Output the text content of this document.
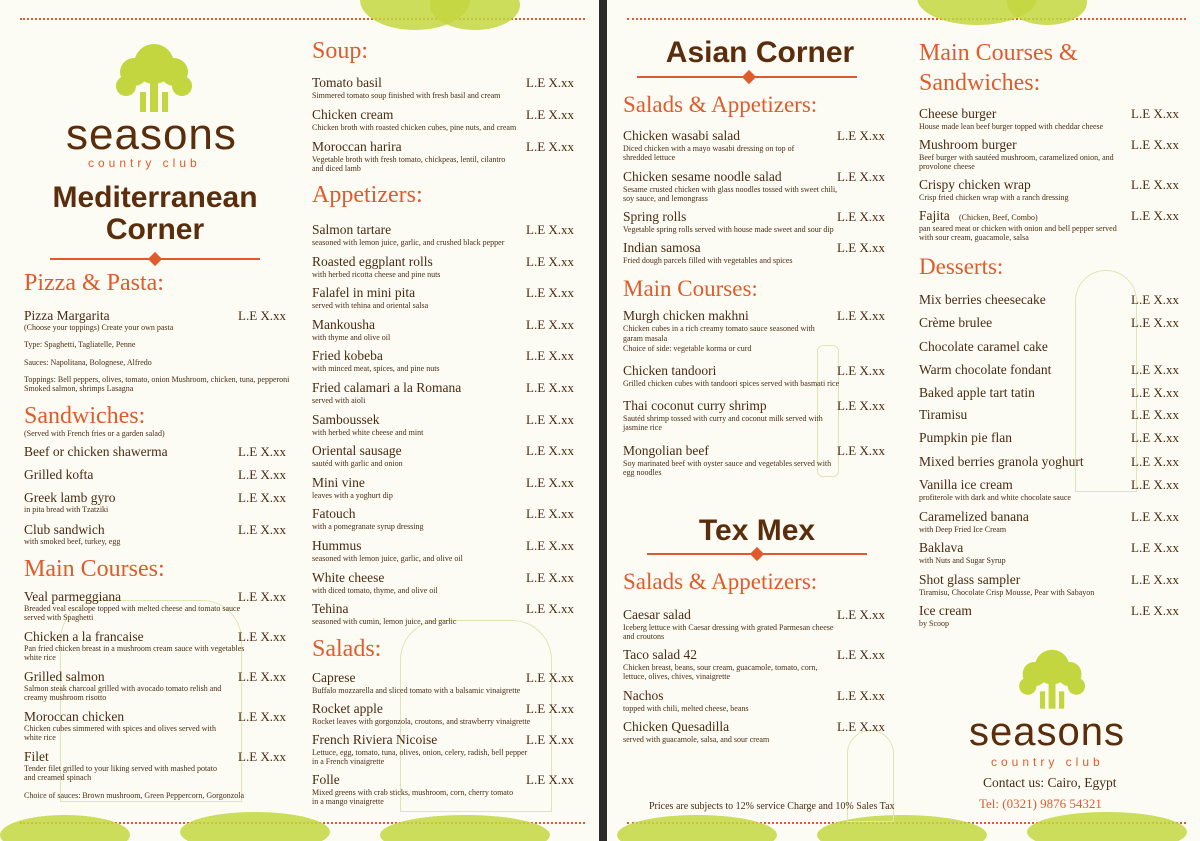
seasons
country club
Mediterranean
Corner
Pizza & Pasta:
Pizza Margarita	L.E X.xx
(Choose your toppings) Create your own pasta
Type: Spaghetti, Tagliatelle, Penne
Sauces: Napolitana, Bolognese, Alfredo
Toppings: Bell peppers, olives, tomato, onion Mushroom, chicken, tuna, pepperoni
Smoked salmon, shrimps Lasagna
Sandwiches:
(Served with French fries or a garden salad)
Beef or chicken shawerma	L.E X.xx
Grilled kofta	L.E X.xx
Greek lamb gyro	L.E X.xx
in pita bread with Tzatziki
Club sandwich	L.E X.xx
with smoked beef, turkey, egg
Main Courses:
Veal parmeggiana	L.E X.xx
Breaded veal escalope topped with melted cheese and tomato sauce
served with Spaghetti
Chicken a la francaise	L.E X.xx
Pan fried chicken breast in a mushroom cream sauce with vegetables
white rice
Grilled salmon	L.E X.xx
Salmon steak charcoal grilled with avocado tomato relish and
creamy mushroom risotto
Moroccan chicken	L.E X.xx
Chicken cubes simmered with spices and olives served with
white rice
Filet	L.E X.xx
Tender filet grilled to your liking served with mashed potato
and creamed spinach
Choice of sauces: Brown mushroom, Green Peppercorn, Gorgonzola
Soup:
Tomato basil	L.E X.xx
Simmered tomato soup finished with fresh basil and cream
Chicken cream	L.E X.xx
Chicken broth with roasted chicken cubes, pine nuts, and cream
Moroccan harira	L.E X.xx
Vegetable broth with fresh tomato, chickpeas, lentil, cilantro
and diced lamb
Appetizers:
Salmon tartare	L.E X.xx
seasoned with lemon juice, garlic, and crushed black pepper
Roasted eggplant rolls	L.E X.xx
with herbed ricotta cheese and pine nuts
Falafel in mini pita	L.E X.xx
served with tehina and oriental salsa
Mankousha	L.E X.xx
with thyme and olive oil
Fried kobeba	L.E X.xx
with minced meat, spices, and pine nuts
Fried calamari a la Romana	L.E X.xx
served with aioli
Samboussek	L.E X.xx
with herbed white cheese and mint
Oriental sausage	L.E X.xx
sautéd with garlic and onion
Mini vine	L.E X.xx
leaves with a yoghurt dip
Fatouch	L.E X.xx
with a pomegranate syrup dressing
Hummus	L.E X.xx
seasoned with lemon juice, garlic, and olive oil
White cheese	L.E X.xx
with diced tomato, thyme, and olive oil
Tehina	L.E X.xx
seasoned with cumin, lemon juice, and garlic
Salads:
Caprese	L.E X.xx
Buffalo mozzarella and sliced tomato with a balsamic vinaigrette
Rocket apple	L.E X.xx
Rocket leaves with gorgonzola, croutons, and strawberry vinaigrette
French Riviera Nicoise	L.E X.xx
Lettuce, egg, tomato, tuna, olives, onion, celery, radish, bell pepper
in a French vinaigrette
Folle	L.E X.xx
Mixed greens with crab sticks, mushroom, corn, cherry tomato
in a mango vinaigrette
Asian Corner
Salads & Appetizers:
Chicken wasabi salad	L.E X.xx
Diced chicken with a mayo wasabi dressing on top of
shredded lettuce
Chicken sesame noodle salad	L.E X.xx
Sesame crusted chicken with glass noodles tossed with sweet chili,
soy sauce, and lemongrass
Spring rolls	L.E X.xx
Vegetable spring rolls served with house made sweet and sour dip
Indian samosa	L.E X.xx
Fried dough parcels filled with vegetables and spices
Main Courses:
Murgh chicken makhni	L.E X.xx
Chicken cubes in a rich creamy tomato sauce seasoned with
garam masala
Choice of side: vegetable korma or curd
Chicken tandoori	L.E X.xx
Grilled chicken cubes with tandoori spices served with basmati rice
Thai coconut curry shrimp	L.E X.xx
Sautéd shrimp tossed with curry and coconut milk served with
jasmine rice
Mongolian beef	L.E X.xx
Soy marinated beef with oyster sauce and vegetables served with
egg noodles
Tex Mex
Salads & Appetizers:
Caesar salad	L.E X.xx
Iceberg lettuce with Caesar dressing with grated Parmesan cheese
and croutons
Taco salad 42	L.E X.xx
Chicken breast, beans, sour cream, guacamole, tomato, corn,
lettuce, olives, chives, vinaigrette
Nachos	L.E X.xx
topped with chili, melted cheese, beans
Chicken Quesadilla	L.E X.xx
served with guacamole, salsa, and sour cream
Prices are subjects to 12% service Charge and 10% Sales Tax
Main Courses &
Sandwiches:
Cheese burger	L.E X.xx
House made lean beef burger topped with cheddar cheese
Mushroom burger	L.E X.xx
Beef burger with sautéed mushroom, caramelized onion, and
provolone cheese
Crispy chicken wrap	L.E X.xx
Crisp fried chicken wrap with a ranch dressing
Fajita (Chicken, Beef, Combo)	L.E X.xx
pan seared meat or chicken with onion and bell pepper served
with sour cream, guacamole, salsa
Desserts:
Mix berries cheesecake	L.E X.xx
Crème brulee	L.E X.xx
Chocolate caramel cake
Warm chocolate fondant	L.E X.xx
Baked apple tart tatin	L.E X.xx
Tiramisu	L.E X.xx
Pumpkin pie flan	L.E X.xx
Mixed berries granola yoghurt	L.E X.xx
Vanilla ice cream	L.E X.xx
profiterole with dark and white chocolate sauce
Caramelized banana	L.E X.xx
with Deep Fried Ice Cream
Baklava	L.E X.xx
with Nuts and Sugar Syrup
Shot glass sampler	L.E X.xx
Tiramisu, Chocolate Crisp Mousse, Pear with Sabayon
Ice cream	L.E X.xx
by Scoop
seasons
country club
Contact us: Cairo, Egypt
Tel: (0321) 9876 54321
